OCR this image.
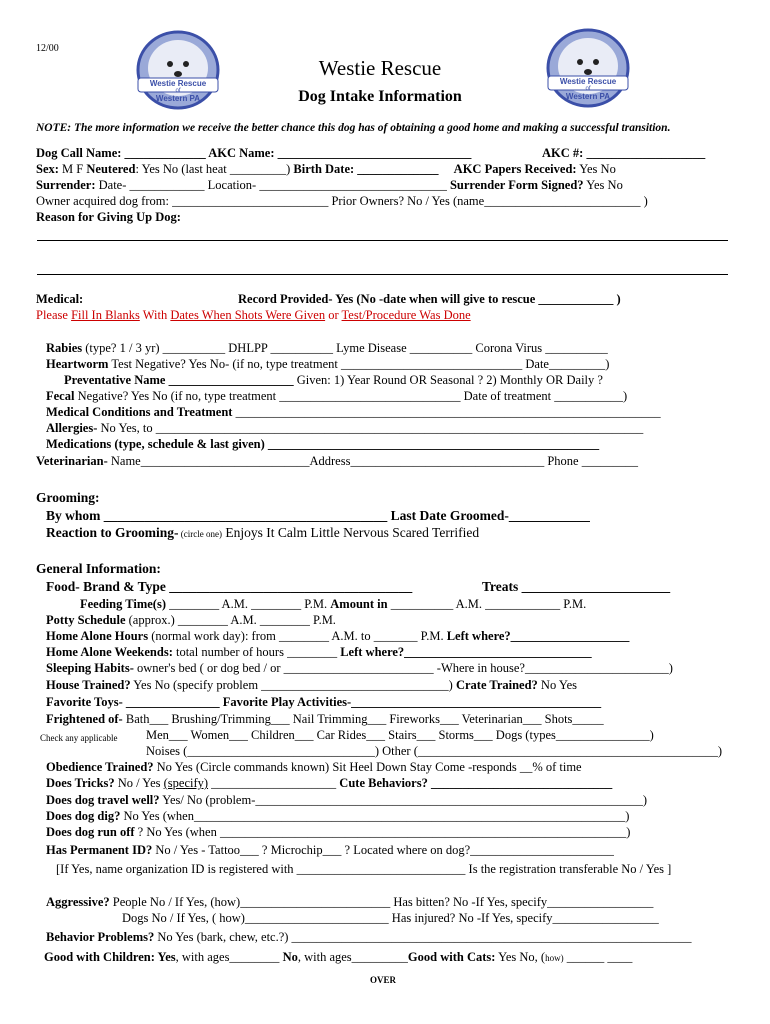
Westie Rescue
of
Western PA
Westie Rescue
of
Western PA
12/00
Westie Rescue
Dog Intake Information
NOTE: The more information we receive the better chance this dog has of obtaining a good home and making a successful transition.
Dog Call Name: _____________ AKC Name: _______________________________	AKC #: ___________________
Sex: M F Neutered: Yes No (last heat _________) Birth Date: _____________ AKC Papers Received: Yes No
Surrender: Date- ____________ Location- ______________________________ Surrender Form Signed? Yes No
Owner acquired dog from: _________________________ Prior Owners? No / Yes (name_________________________ )
Reason for Giving Up Dog:
Medical:	Record Provided- Yes (No -date when will give to rescue ____________ )
Please Fill In Blanks With Dates When Shots Were Given or Test/Procedure Was Done
Rabies (type? 1 / 3 yr) __________ DHLPP __________ Lyme Disease __________ Corona Virus __________
Heartworm Test Negative? Yes No- (if no, type treatment _____________________________ Date_________)
Preventative Name ____________________ Given: 1) Year Round OR Seasonal ? 2) Monthly OR Daily ?
Fecal Negative? Yes No (if no, type treatment _____________________________ Date of treatment ___________)
Medical Conditions and Treatment ____________________________________________________________________
Allergies- No Yes, to ______________________________________________________________________________
Medications (type, schedule & last given) _____________________________________________________
Veterinarian- Name___________________________Address_______________________________ Phone _________
Grooming:
By whom __________________________________________ Last Date Groomed-____________
Reaction to Grooming- (circle one) Enjoys It Calm Little Nervous Scared Terrified
General Information:
Food- Brand & Type ____________________________________	Treats ______________________
Feeding Time(s) ________ A.M. ________ P.M. Amount in __________ A.M. ____________ P.M.
Potty Schedule (approx.) ________ A.M. ________ P.M.
Home Alone Hours (normal work day): from ________ A.M. to _______ P.M. Left where?___________________
Home Alone Weekends: total number of hours ________ Left where?______________________________
Sleeping Habits- owner's bed ( or dog bed / or ________________________ -Where in house?_______________________)
House Trained? Yes No (specify problem ______________________________) Crate Trained? No Yes
Favorite Toys- _______________ Favorite Play Activities-________________________________________
Frightened of- Bath___ Brushing/Trimming___ Nail Trimming___ Fireworks___ Veterinarian___ Shots_____
Check any applicable Men___ Women___ Children___ Car Rides___ Stairs___ Storms___ Dogs (types_______________)
Noises (______________________________) Other (________________________________________________)
Obedience Trained? No Yes (Circle commands known) Sit Heel Down Stay Come -responds __% of time
Does Tricks? No / Yes (specify) ____________________ Cute Behaviors? _____________________________
Does dog travel well? Yes/ No (problem-______________________________________________________________)
Does dog dig? No Yes (when_____________________________________________________________________)
Does dog run off ? No Yes (when _________________________________________________________________)
Has Permanent ID? No / Yes - Tattoo___ ? Microchip___ ? Located where on dog?_______________________
[If Yes, name organization ID is registered with ___________________________ Is the registration transferable No / Yes ]
Aggressive? People No / If Yes, (how)________________________ Has bitten? No -If Yes, specify_________________
Dogs No / If Yes, ( how)_______________________ Has injured? No -If Yes, specify_________________
Behavior Problems? No Yes (bark, chew, etc.?) ________________________________________________________________
Good with Children: Yes, with ages________ No, with ages_________Good with Cats: Yes No, (how) ______ ____
OVER
